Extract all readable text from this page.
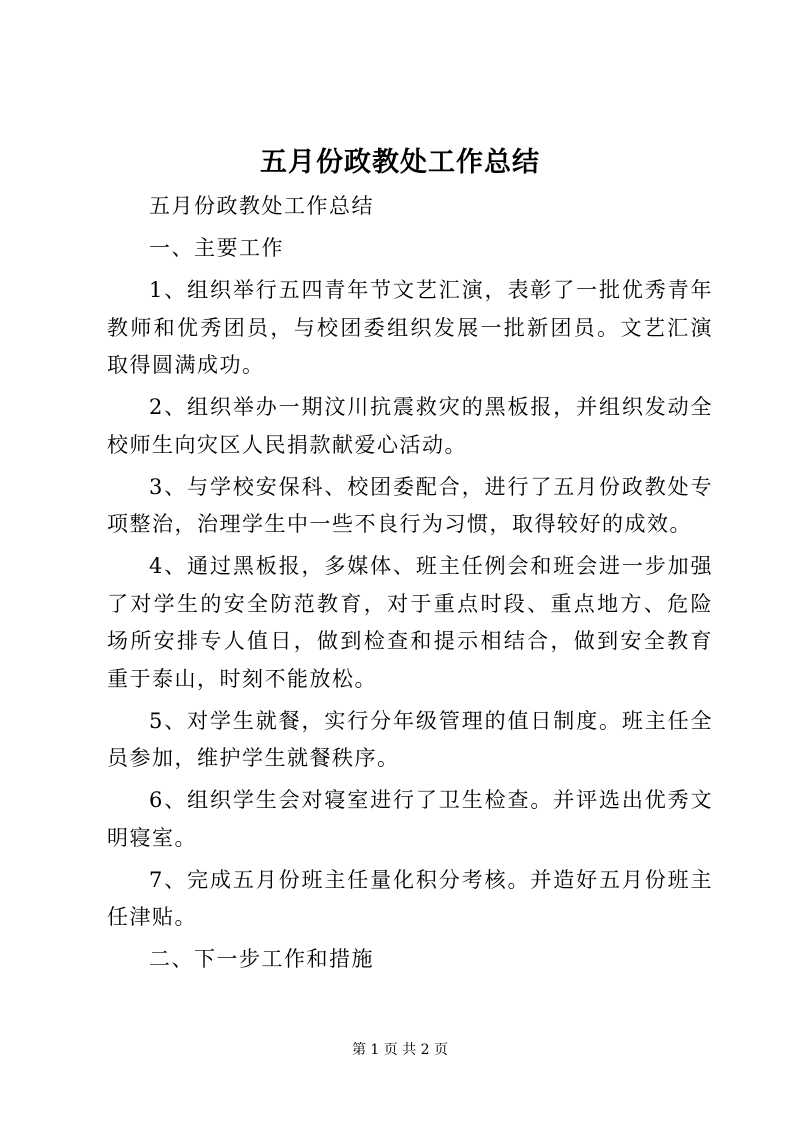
五月份政教处工作总结

五月份政教处工作总结

一、主要工作

1、组织举行五四青年节文艺汇演，表彰了一批优秀青年教师和优秀团员，与校团委组织发展一批新团员。文艺汇演取得圆满成功。

2、组织举办一期汶川抗震救灾的黑板报，并组织发动全校师生向灾区人民捐款献爱心活动。

3、与学校安保科、校团委配合，进行了五月份政教处专项整治，治理学生中一些不良行为习惯，取得较好的成效。

4、通过黑板报，多媒体、班主任例会和班会进一步加强了对学生的安全防范教育，对于重点时段、重点地方、危险场所安排专人值日，做到检查和提示相结合，做到安全教育重于泰山，时刻不能放松。

5、对学生就餐，实行分年级管理的值日制度。班主任全员参加，维护学生就餐秩序。

6、组织学生会对寝室进行了卫生检查。并评选出优秀文明寝室。

7、完成五月份班主任量化积分考核。并造好五月份班主任津贴。

二、下一步工作和措施

第 1 页 共 2 页
